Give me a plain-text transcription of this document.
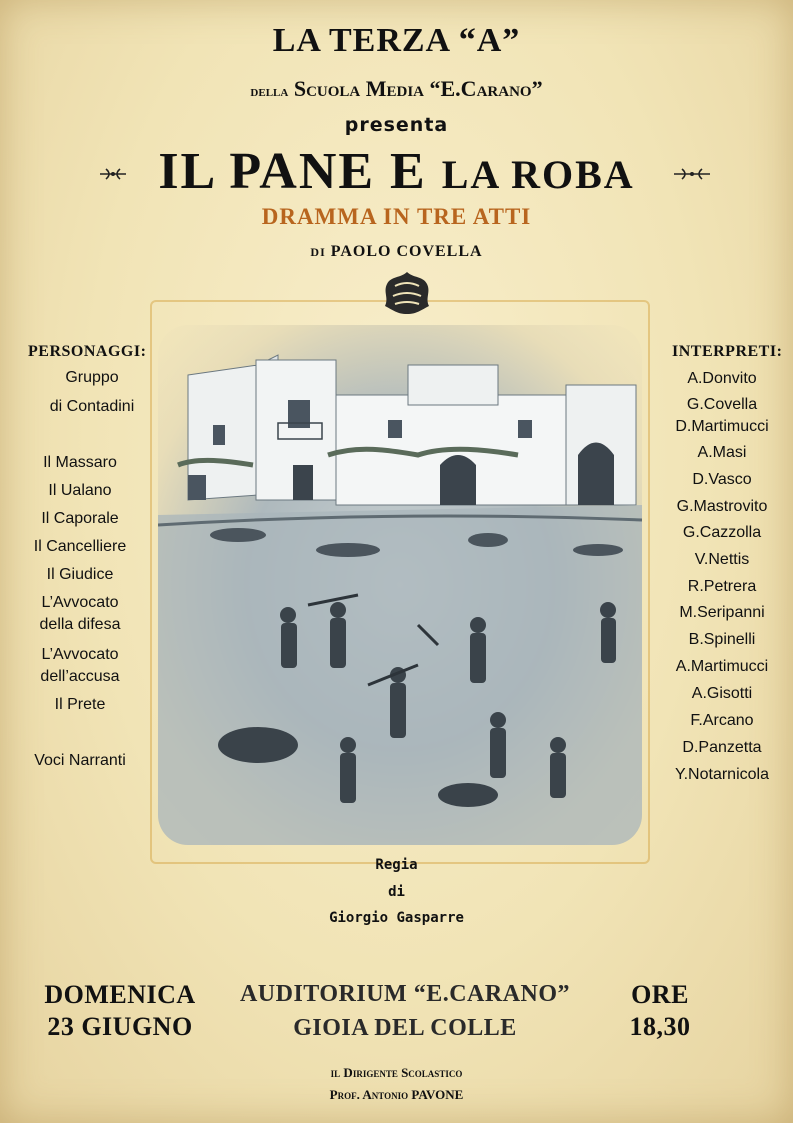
LA TERZA “A”
della Scuola Media “E.Carano”
presenta
IL PANE E LA ROBA
DRAMMA IN TRE ATTI
DI PAOLO COVELLA
PERSONAGGI:
Gruppo
di Contadini
Il Massaro
Il Ualano
Il Caporale
Il Cancelliere
Il Giudice
L’Avvocato
della difesa
L’Avvocato
dell’accusa
Il Prete
Voci Narranti
INTERPRETI:
A.Donvito
G.Covella
D.Martimucci
A.Masi
D.Vasco
G.Mastrovito
G.Cazzolla
V.Nettis
R.Petrera
M.Seripanni
B.Spinelli
A.Martimucci
A.Gisotti
F.Arcano
D.Panzetta
Y.Notarnicola
Regia
di
Giorgio Gasparre
DOMENICA
23 GIUGNO
AUDITORIUM “E.CARANO”
GIOIA DEL COLLE
ORE
18,30
il Dirigente Scolastico
Prof. Antonio PAVONE
